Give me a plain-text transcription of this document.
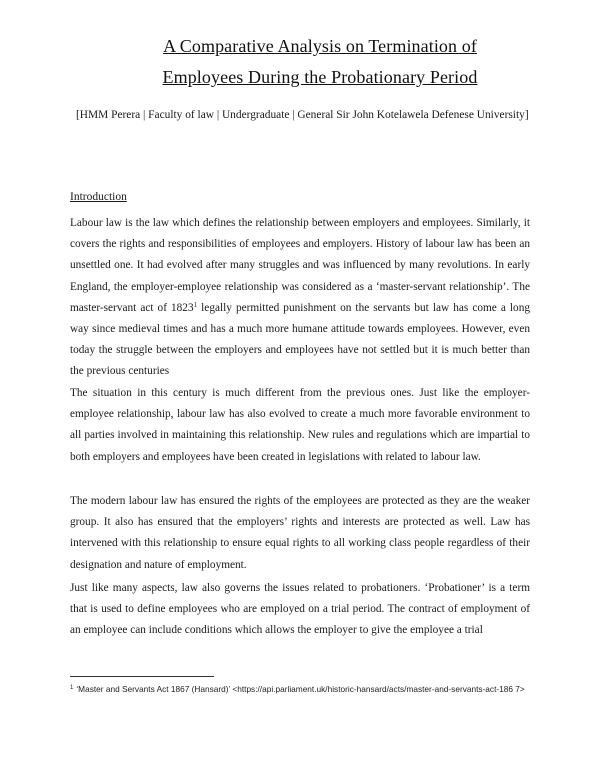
A Comparative Analysis on Termination of
Employees During the Probationary Period
[HMM Perera | Faculty of law | Undergraduate | General Sir John Kotelawela Defenese University]
Introduction

Labour law is the law which defines the relationship between employers and employees. Similarly, it covers the rights and responsibilities of employees and employers. History of labour law has been an unsettled one. It had evolved after many struggles and was influenced by many revolutions. In early England, the employer-employee relationship was considered as a ‘master-servant relationship’. The master-servant act of 1823$^1$ legally permitted punishment on the servants but law has come a long way since medieval times and has a much more humane attitude towards employees. However, even today the struggle between the employers and employees have not settled but it is much better than the previous centuries

The situation in this century is much different from the previous ones. Just like the employer-employee relationship, labour law has also evolved to create a much more favorable environment to all parties involved in maintaining this relationship. New rules and regulations which are impartial to both employers and employees have been created in legislations with related to labour law.

The modern labour law has ensured the rights of the employees are protected as they are the weaker group. It also has ensured that the employers’ rights and interests are protected as well. Law has intervened with this relationship to ensure equal rights to all working class people regardless of their designation and nature of employment.

Just like many aspects, law also governs the issues related to probationers. ‘Probationer’ is a term that is used to define employees who are employed on a trial period. The contract of employment of an employee can include conditions which allows the employer to give the employee a trial

$^1$ ‘Master and Servants Act 1867 (Hansard)’ <https://api.parliament.uk/historic-hansard/acts/master-and-servants-act-186 7>
